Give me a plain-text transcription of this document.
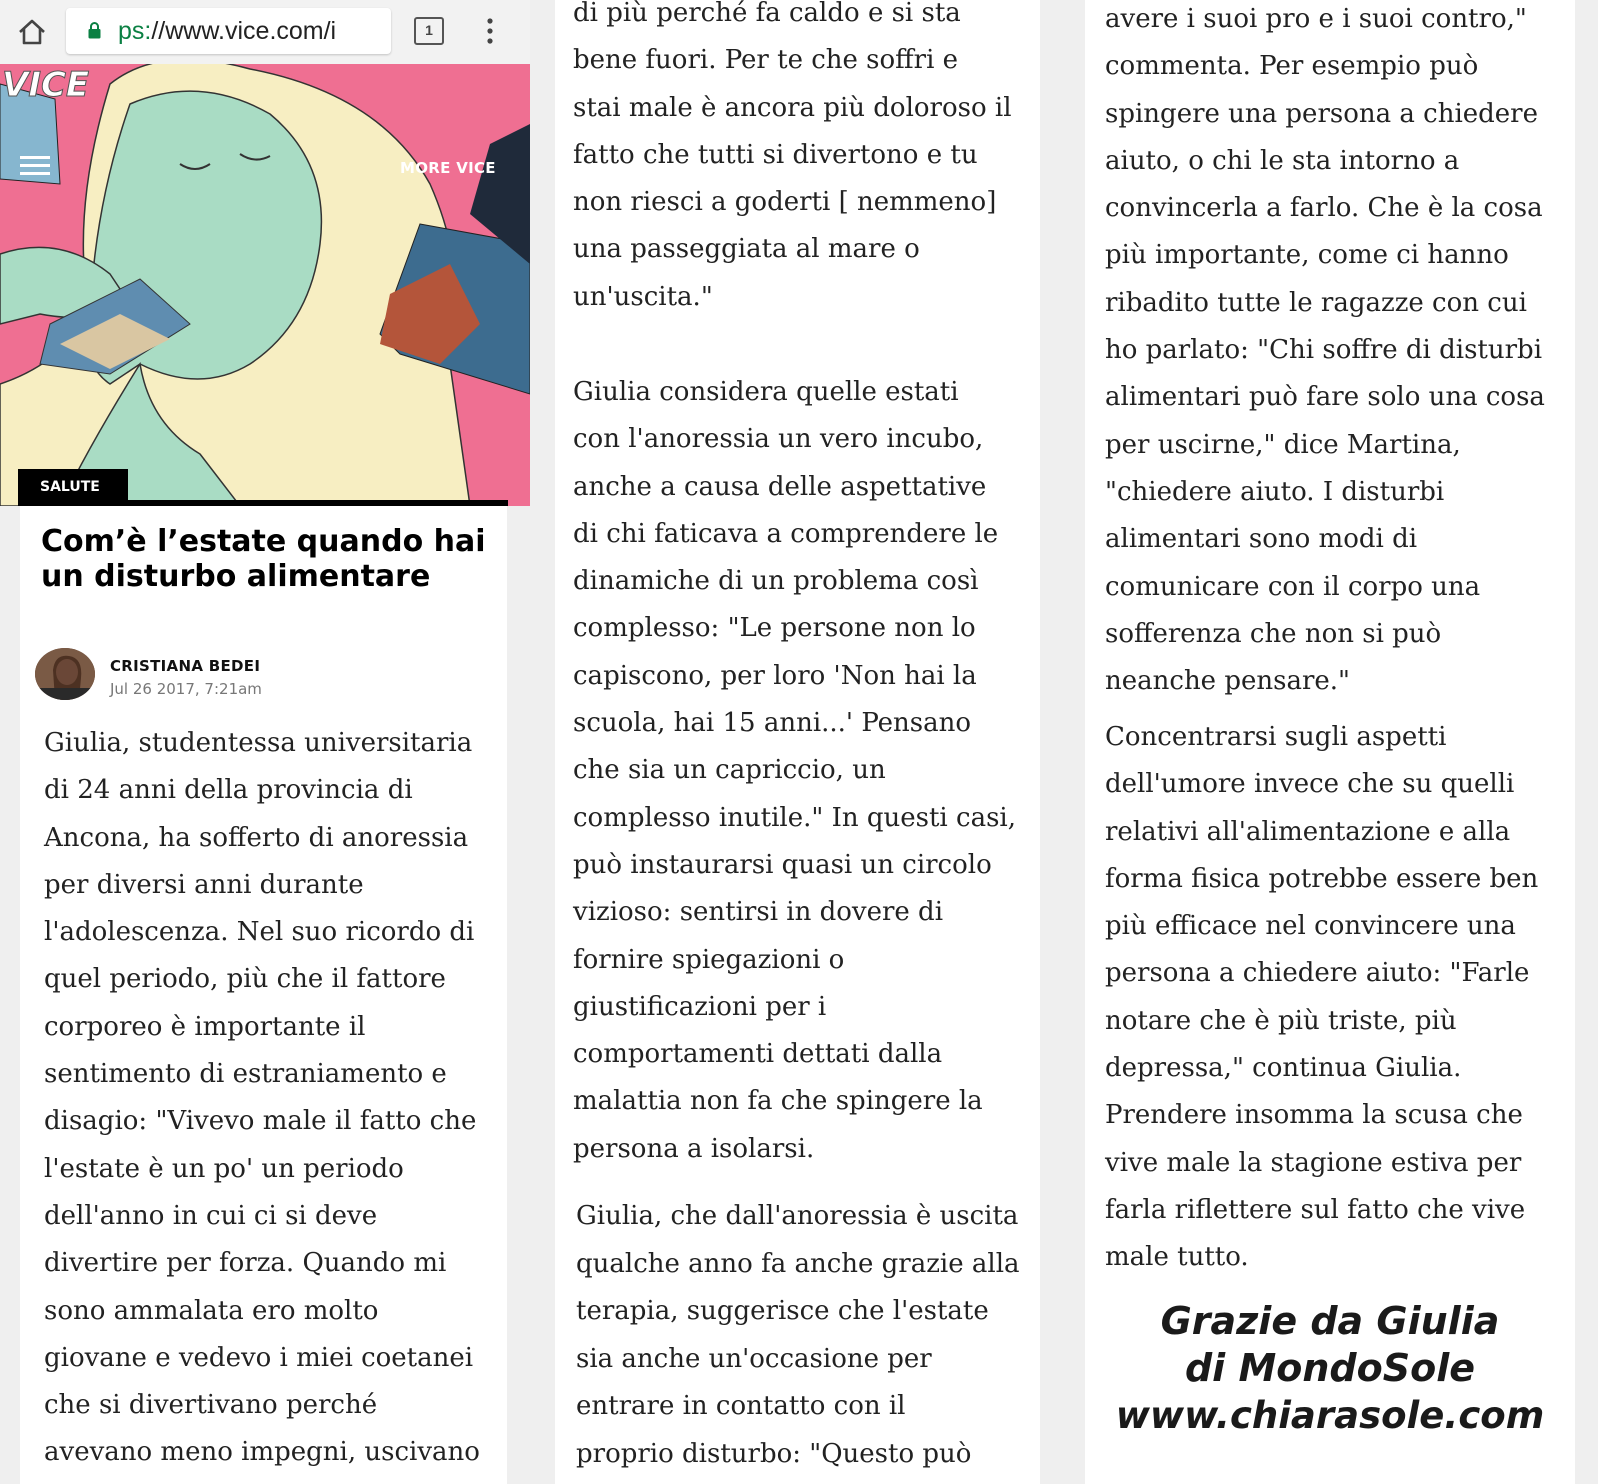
ps://www.vice.com/i	1
VICE
MORE VICE
SALUTE
Com’è l’estate quando hai un disturbo alimentare
CRISTIANA BEDEI
Jul 26 2017, 7:21am
Giulia, studentessa universitaria
di 24 anni della provincia di
Ancona, ha sofferto di anoressia
per diversi anni durante
l'adolescenza. Nel suo ricordo di
quel periodo, più che il fattore
corporeo è importante il
sentimento di estraniamento e
disagio: "Vivevo male il fatto che
l'estate è un po' un periodo
dell'anno in cui ci si deve
divertire per forza. Quando mi
sono ammalata ero molto
giovane e vedevo i miei coetanei
che si divertivano perché
avevano meno impegni, uscivano
di più perché fa caldo e si sta
bene fuori. Per te che soffri e
stai male è ancora più doloroso il
fatto che tutti si divertono e tu
non riesci a goderti [ nemmeno]
una passeggiata al mare o
un'uscita."
Giulia considera quelle estati
con l'anoressia un vero incubo,
anche a causa delle aspettative
di chi faticava a comprendere le
dinamiche di un problema così
complesso: "Le persone non lo
capiscono, per loro 'Non hai la
scuola, hai 15 anni...' Pensano
che sia un capriccio, un
complesso inutile." In questi casi,
può instaurarsi quasi un circolo
vizioso: sentirsi in dovere di
fornire spiegazioni o
giustificazioni per i
comportamenti dettati dalla
malattia non fa che spingere la
persona a isolarsi.
Giulia, che dall'anoressia è uscita
qualche anno fa anche grazie alla
terapia, suggerisce che l'estate
sia anche un'occasione per
entrare in contatto con il
proprio disturbo: "Questo può
avere i suoi pro e i suoi contro,"
commenta. Per esempio può
spingere una persona a chiedere
aiuto, o chi le sta intorno a
convincerla a farlo. Che è la cosa
più importante, come ci hanno
ribadito tutte le ragazze con cui
ho parlato: "Chi soffre di disturbi
alimentari può fare solo una cosa
per uscirne," dice Martina,
"chiedere aiuto. I disturbi
alimentari sono modi di
comunicare con il corpo una
sofferenza che non si può
neanche pensare."
Concentrarsi sugli aspetti
dell'umore invece che su quelli
relativi all'alimentazione e alla
forma fisica potrebbe essere ben
più efficace nel convincere una
persona a chiedere aiuto: "Farle
notare che è più triste, più
depressa," continua Giulia.
Prendere insomma la scusa che
vive male la stagione estiva per
farla riflettere sul fatto che vive
male tutto.
Grazie da Giulia
di MondoSole
www.chiarasole.com
